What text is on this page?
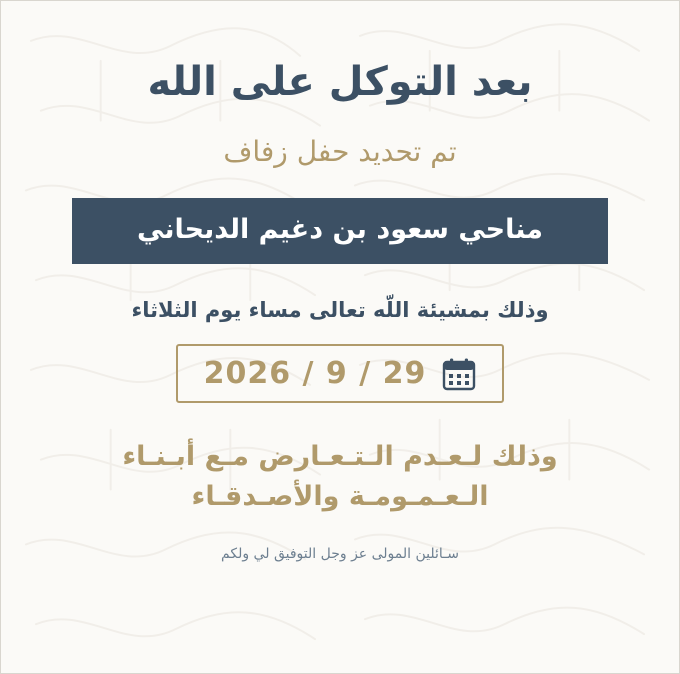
بعد التوكل على الله
تم تحديد حفل زفاف
مناحي سعود بن دغيم الديحاني
وذلك بمشيئة اللّه تعالى مساء يوم الثلاثاء
2026 / 9 / 29
وذلك لـعـدم الـتـعـارض مـع أبـنـاء
الـعـمـومـة والأصـدقـاء
سـائلين المولى عز وجل التوفيق لي ولكم
